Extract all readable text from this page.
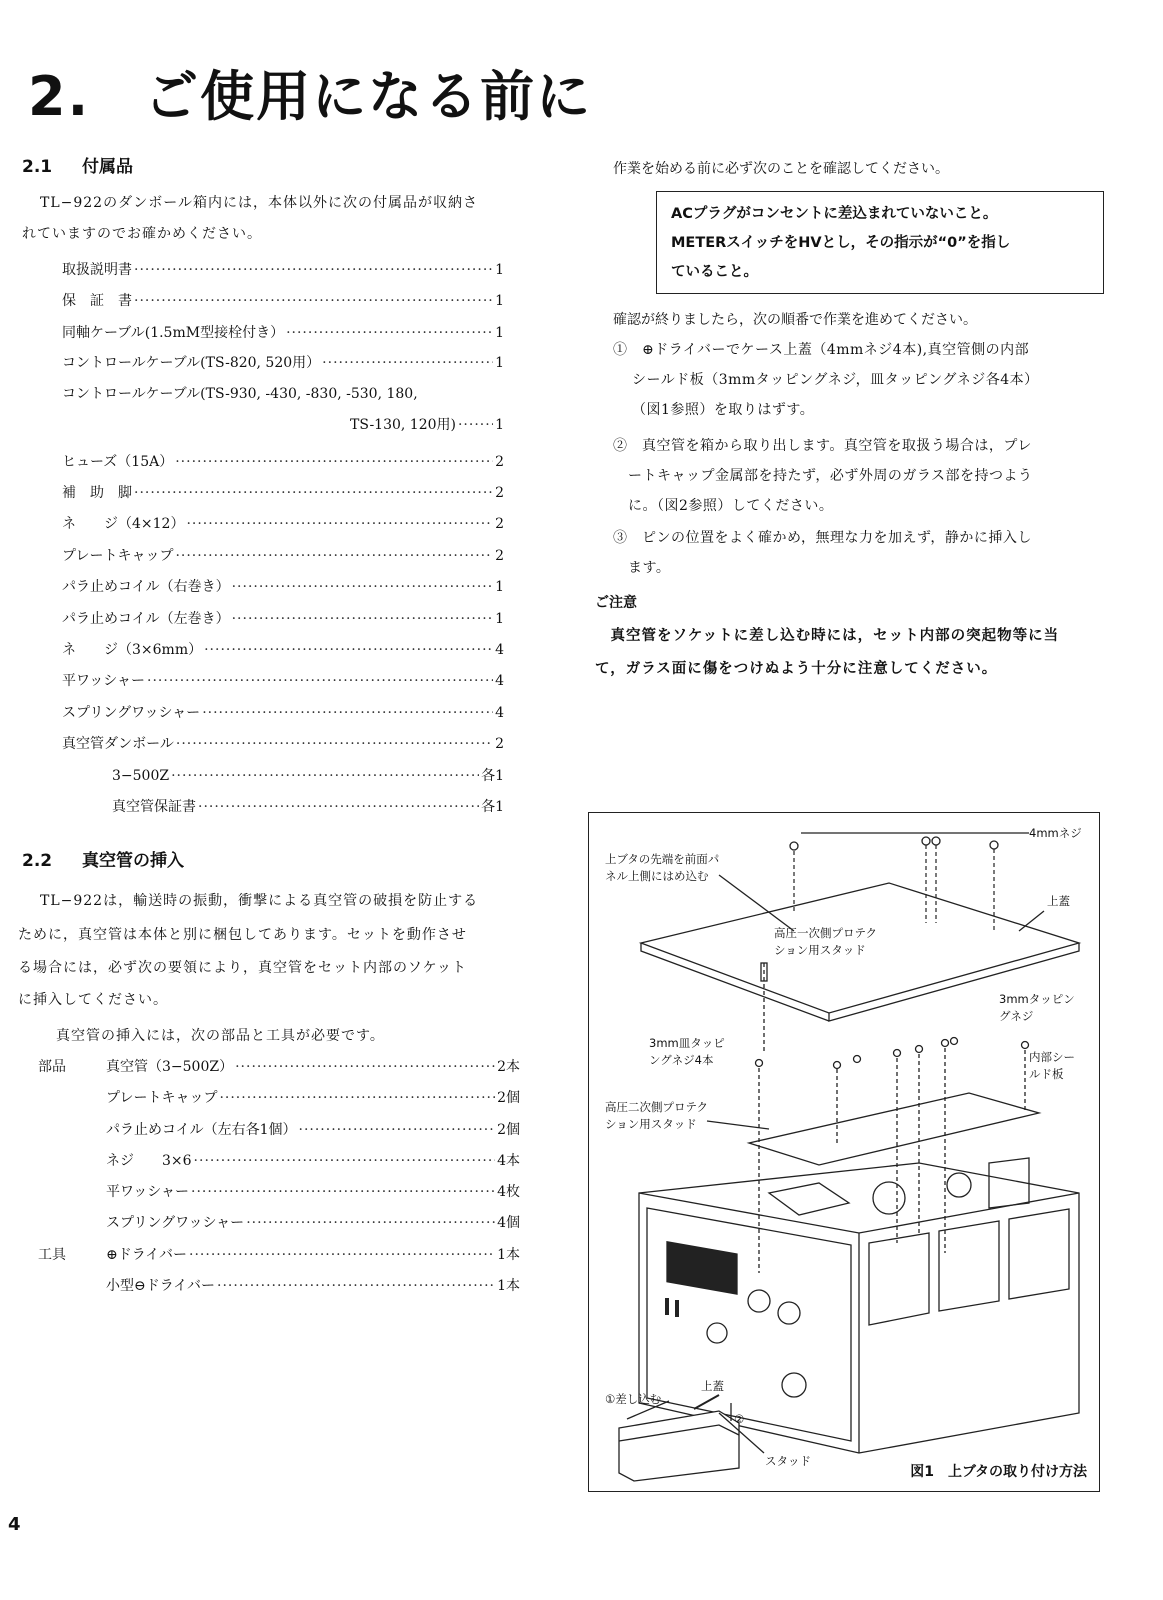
2. ご使用になる前に
2.1 付属品
TL−922のダンボール箱内には，本体以外に次の付属品が収納さ
れていますのでお確かめください。
取扱説明書 ·····	1
保　証　書 ·····	1
同軸ケーブル(1.5mM型接栓付き） ·····	1
コントロールケーブル(TS-820, 520用） ·····	1
コントロールケーブル(TS-930, -430, -830, -530, 180,
TS-130, 120用) ·····	1
ヒューズ（15A） ·····	2
補　助　脚 ·····	2
ネ　　ジ（4×12） ·····	2
プレートキャップ ·····	2
パラ止めコイル（右巻き） ·····	1
パラ止めコイル（左巻き） ·····	1
ネ　　ジ（3×6mm） ·····	4
平ワッシャー ·····	4
スプリングワッシャー ·····	4
真空管ダンボール ·····	2
3−500Z ·····	各1
真空管保証書 ·····	各1
2.2 真空管の挿入
TL−922は，輸送時の振動，衝撃による真空管の破損を防止する
ために，真空管は本体と別に梱包してあります。セットを動作させ
る場合には，必ず次の要領により，真空管をセット内部のソケット
に挿入してください。
真空管の挿入には，次の部品と工具が必要です。
部品	真空管（3−500Z） ·····	2本
プレートキャップ ·····	2個
パラ止めコイル（左右各1個） ·····	2個
ネジ　　3×6 ·····	4本
平ワッシャー ·····	4枚
スプリングワッシャー ·····	4個
工具	⊕ドライバー ·····	1本
小型⊖ドライバー ·····	1本
作業を始める前に必ず次のことを確認してください。
ACプラグがコンセントに差込まれていないこと。
METERスイッチをHVとし，その指示が“0”を指し
ていること。
確認が終りましたら，次の順番で作業を進めてください。
①　⊕ドライバーでケース上蓋（4mmネジ4本),真空管側の内部
シールド板（3mmタッピングネジ，皿タッピングネジ各4本）
（図1参照）を取りはずす。
②　真空管を箱から取り出します。真空管を取扱う場合は，プレ
ートキャップ金属部を持たず，必ず外周のガラス部を持つよう
に。（図2参照）してください。
③　ピンの位置をよく確かめ，無理な力を加えず，静かに挿入し
ます。
ご注意
　真空管をソケットに差し込む時には，セット内部の突起物等に当
て，ガラス面に傷をつけぬよう十分に注意してください。
4mmネジ
上ブタの先端を前面パ
ネル上側にはめ込む
上蓋
高圧一次側プロテク
ション用スタッド
3mmタッピン
グネジ
3mm皿タッピ
ングネジ4本	内部シー
ルド板
高圧二次側プロテク
ション用スタッド
①差し込む
上蓋
②
スタッド
図1　上ブタの取り付け方法
4
